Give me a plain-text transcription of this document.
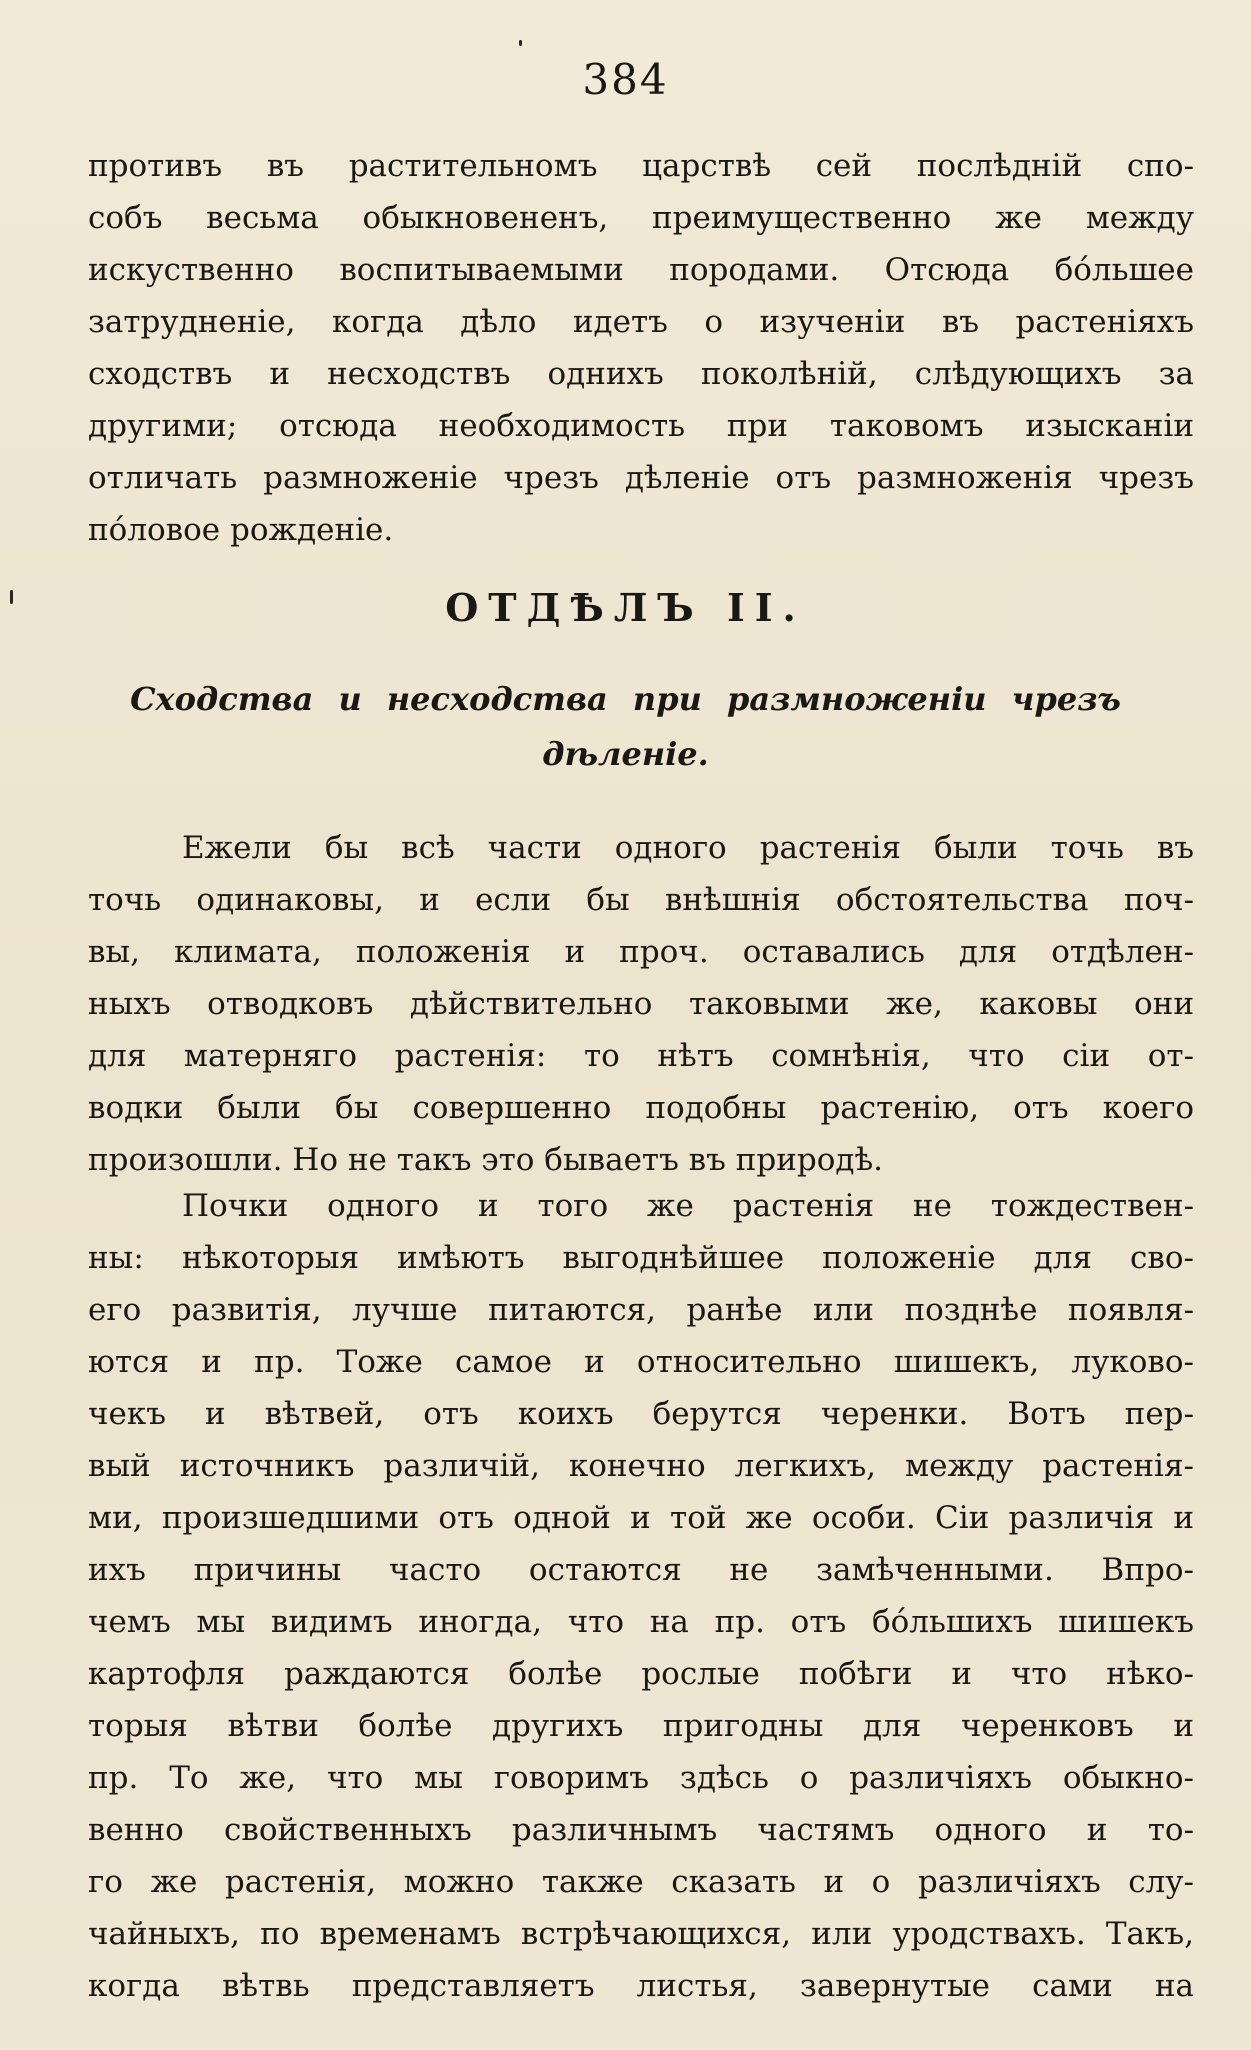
384
противъ въ растительномъ царствѣ сей послѣдній спо-
собъ весьма обыкновененъ, преимущественно же между
искуственно воспитываемыми породами. Отсюда бо́льшее
затрудненіе, когда дѣло идетъ о изученіи въ растеніяхъ
сходствъ и несходствъ однихъ поколѣній, слѣдующихъ за
другими; отсюда необходимость при таковомъ изысканіи
отличать размноженіе чрезъ дѣленіе отъ размноженія чрезъ
по́ловое рожденіе.
ОТДѢЛЪ II.
Сходства и несходства при размноженіи чрезъ
дѣленіе.
Ежели бы всѣ части одного растенія были точь въ
точь одинаковы, и если бы внѣшнія обстоятельства поч-
вы, климата, положенія и проч. оставались для отдѣлен-
ныхъ отводковъ дѣйствительно таковыми же, каковы они
для матерняго растенія: то нѣтъ сомнѣнія, что сіи от-
водки были бы совершенно подобны растенію, отъ коего
произошли. Но не такъ это бываетъ въ природѣ.
Почки одного и того же растенія не тождествен-
ны: нѣкоторыя имѣютъ выгоднѣйшее положеніе для сво-
его развитія, лучше питаются, ранѣе или позднѣе появля-
ются и пр. Тоже самое и относительно шишекъ, луково-
чекъ и вѣтвей, отъ коихъ берутся черенки. Вотъ пер-
вый источникъ различій, конечно легкихъ, между растенія-
ми, произшедшими отъ одной и той же особи. Сіи различія и
ихъ причины часто остаются не замѣченными. Впро-
чемъ мы видимъ иногда, что на пр. отъ бо́льшихъ шишекъ
картофля раждаются болѣе рослые побѣги и что нѣко-
торыя вѣтви болѣе другихъ пригодны для черенковъ и
пр. То же, что мы говоримъ здѣсь о различіяхъ обыкно-
венно свойственныхъ различнымъ частямъ одного и то-
го же растенія, можно также сказать и о различіяхъ слу-
чайныхъ, по временамъ встрѣчающихся, или уродствахъ. Такъ,
когда вѣтвь представляетъ листья, завернутые сами на
